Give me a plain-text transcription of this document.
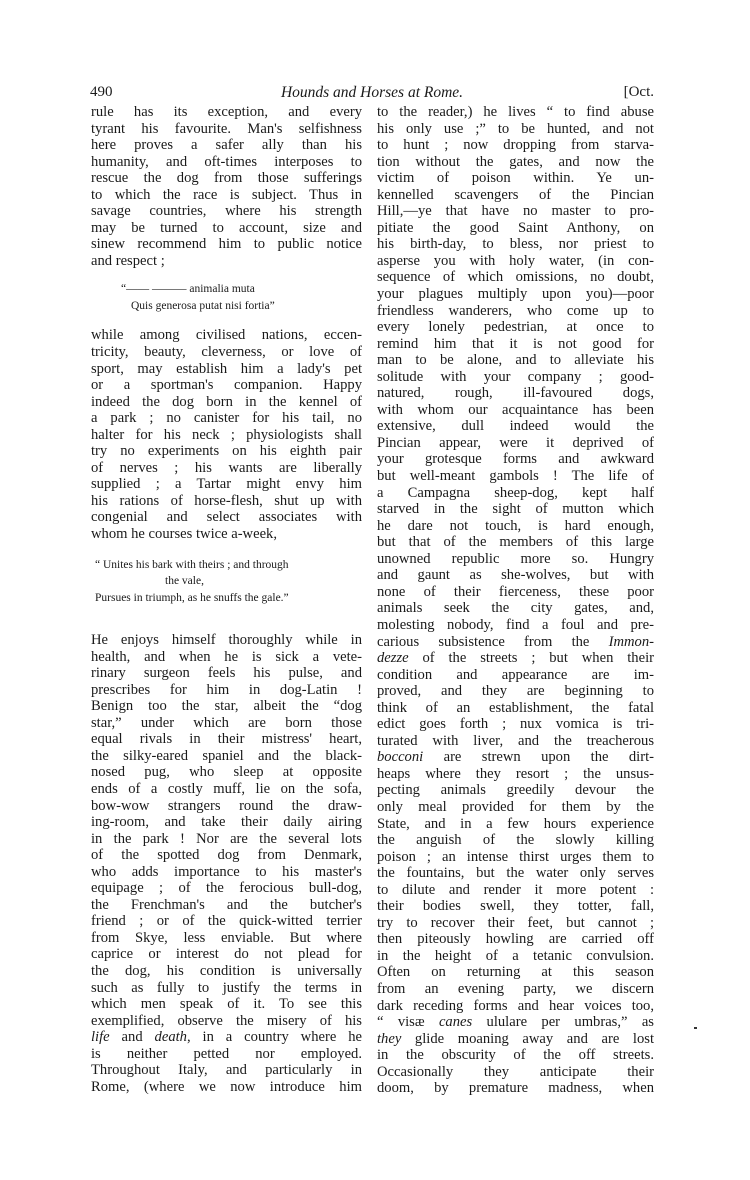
490	Hounds and Horses at Rome.	[Oct.
rule has its exception, and every
tyrant his favourite. Man's selfishness
here proves a safer ally than his
humanity, and oft-times interposes to
rescue the dog from those sufferings
to which the race is subject. Thus in
savage countries, where his strength
may be turned to account, size and
sinew recommend him to public notice
and respect ;
“—— ——— animalia muta
Quis generosa putat nisi fortia”
while among civilised nations, eccen-
tricity, beauty, cleverness, or love of
sport, may establish him a lady's pet
or a sportman's companion. Happy
indeed the dog born in the kennel of
a park ; no canister for his tail, no
halter for his neck ; physiologists shall
try no experiments on his eighth pair
of nerves ; his wants are liberally
supplied ; a Tartar might envy him
his rations of horse-flesh, shut up with
congenial and select associates with
whom he courses twice a-week,
“ Unites his bark with theirs ; and through
the vale,
Pursues in triumph, as he snuffs the gale.”
He enjoys himself thoroughly while in
health, and when he is sick a vete-
rinary surgeon feels his pulse, and
prescribes for him in dog-Latin !
Benign too the star, albeit the “dog
star,” under which are born those
equal rivals in their mistress' heart,
the silky-eared spaniel and the black-
nosed pug, who sleep at opposite
ends of a costly muff, lie on the sofa,
bow-wow strangers round the draw-
ing-room, and take their daily airing
in the park ! Nor are the several lots
of the spotted dog from Denmark,
who adds importance to his master's
equipage ; of the ferocious bull-dog,
the Frenchman's and the butcher's
friend ; or of the quick-witted terrier
from Skye, less enviable. But where
caprice or interest do not plead for
the dog, his condition is universally
such as fully to justify the terms in
which men speak of it. To see this
exemplified, observe the misery of his
life and death, in a country where he
is neither petted nor employed.
Throughout Italy, and particularly in
Rome, (where we now introduce him
to the reader,) he lives “ to find abuse
his only use ;” to be hunted, and not
to hunt ; now dropping from starva-
tion without the gates, and now the
victim of poison within. Ye un-
kennelled scavengers of the Pincian
Hill,—ye that have no master to pro-
pitiate the good Saint Anthony, on
his birth-day, to bless, nor priest to
asperse you with holy water, (in con-
sequence of which omissions, no doubt,
your plagues multiply upon you)—poor
friendless wanderers, who come up to
every lonely pedestrian, at once to
remind him that it is not good for
man to be alone, and to alleviate his
solitude with your company ; good-
natured, rough, ill-favoured dogs,
with whom our acquaintance has been
extensive, dull indeed would the
Pincian appear, were it deprived of
your grotesque forms and awkward
but well-meant gambols ! The life of
a Campagna sheep-dog, kept half
starved in the sight of mutton which
he dare not touch, is hard enough,
but that of the members of this large
unowned republic more so. Hungry
and gaunt as she-wolves, but with
none of their fierceness, these poor
animals seek the city gates, and,
molesting nobody, find a foul and pre-
carious subsistence from the Immon-
dezze of the streets ; but when their
condition and appearance are im-
proved, and they are beginning to
think of an establishment, the fatal
edict goes forth ; nux vomica is tri-
turated with liver, and the treacherous
bocconi are strewn upon the dirt-
heaps where they resort ; the unsus-
pecting animals greedily devour the
only meal provided for them by the
State, and in a few hours experience
the anguish of the slowly killing
poison ; an intense thirst urges them to
the fountains, but the water only serves
to dilute and render it more potent :
their bodies swell, they totter, fall,
try to recover their feet, but cannot ;
then piteously howling are carried off
in the height of a tetanic convulsion.
Often on returning at this season
from an evening party, we discern
dark receding forms and hear voices too,
“ visæ canes ululare per umbras,” as
they glide moaning away and are lost
in the obscurity of the off streets.
Occasionally they anticipate their
doom, by premature madness, when
